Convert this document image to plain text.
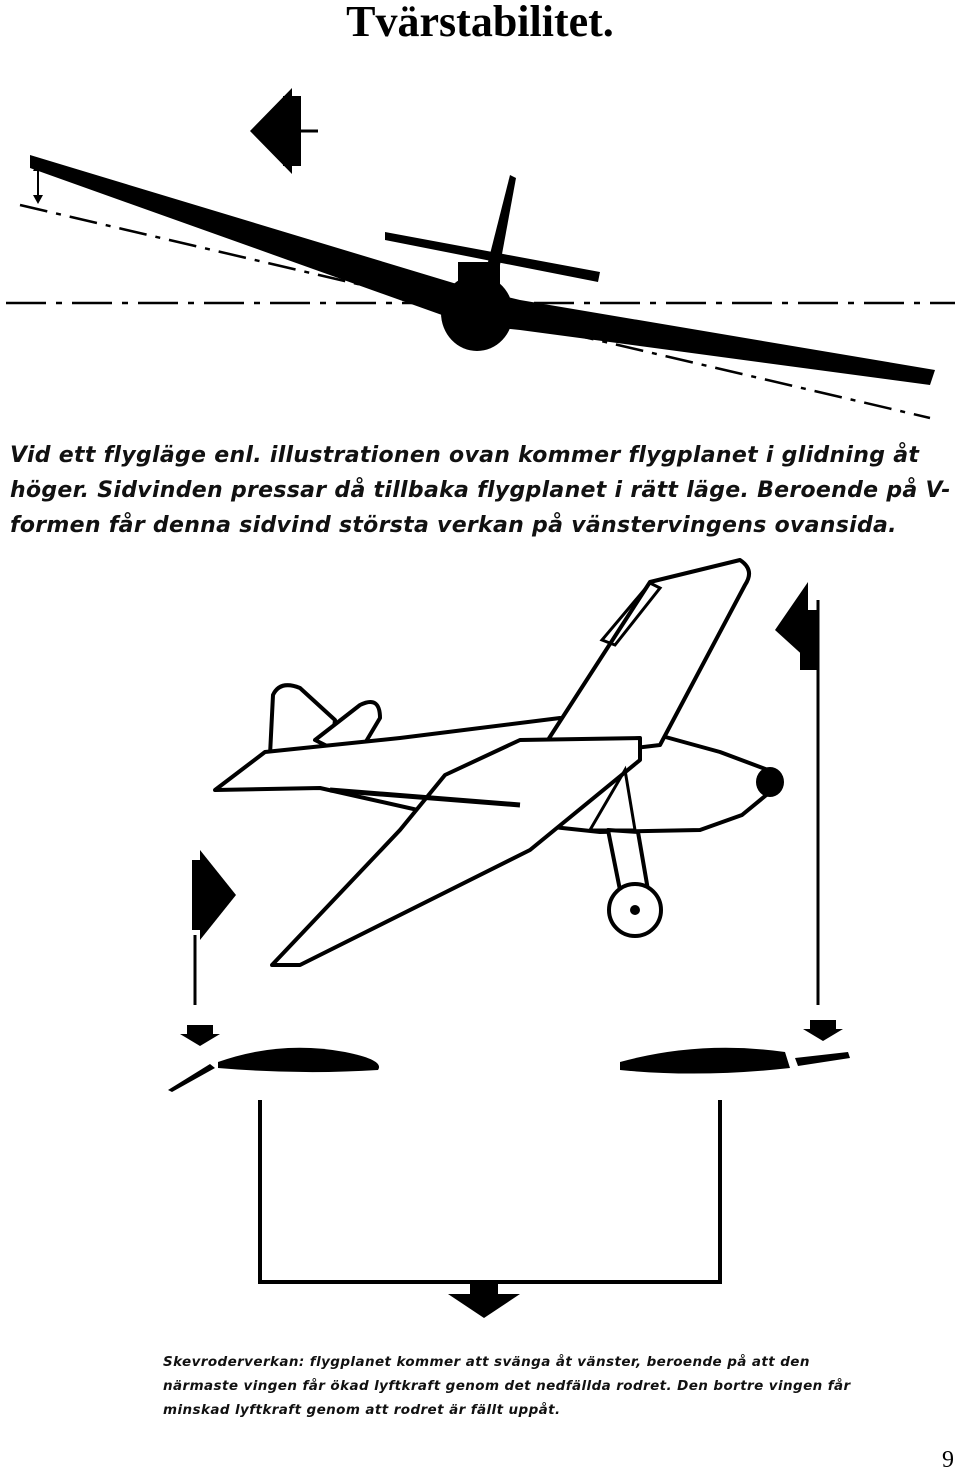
Tvärstabilitet.

Vid ett flygläge enl. illustrationen ovan kommer flygplanet i glidning åt höger. Sidvinden pressar då tillbaka flygplanet i rätt läge. Beroende på V-formen får denna sidvind största verkan på vänstervingens ovansida.

Skevroderverkan: flygplanet kommer att svänga åt vänster, beroende på att den närmaste vingen får ökad lyftkraft genom det nedfällda rodret. Den bortre vingen får minskad lyftkraft genom att rodret är fällt uppåt.

9
